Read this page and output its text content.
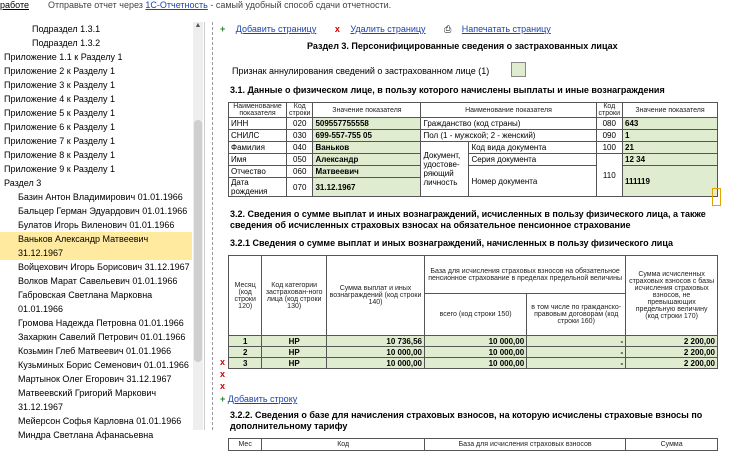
работе Отправьте отчет через 1С-Отчетность - самый удобный способ сдачи отчетности.
Подраздел 1.3.1
Подраздел 1.3.2
Приложение 1.1 к Разделу 1
Приложение 2 к Разделу 1
Приложение 3 к Разделу 1
Приложение 4 к Разделу 1
Приложение 5 к Разделу 1
Приложение 6 к Разделу 1
Приложение 7 к Разделу 1
Приложение 8 к Разделу 1
Приложение 9 к Разделу 1
Раздел 3
Базин Антон Владимирович 01.01.1966
Бальцер Герман Эдуардович 01.01.1966
Булатов Игорь Виленович 01.01.1966
Ваньков Александр Матвеевич
31.12.1967
Войцехович Игорь Борисович 31.12.1967
Волков Марат Савельевич 01.01.1966
Габровская Светлана Марковна
01.01.1966
Громова Надежда Петровна 01.01.1966
Захаркин Савелий Петрович 01.01.1966
Козьмин Глеб Матвеевич 01.01.1966
Кузьминых Борис Семенович 01.01.1966
Мартынок Олег Егорович 31.12.1967
Матвеевский Григорий Маркович
31.12.1967
Мейерсон Софья Карловна 01.01.1966
Миндра Светлана Афанасьевна
▲ + Добавить страницу x Удалить страницу ⎙ Напечатать страницу
Раздел 3. Персонифицированные сведения о застрахованных лицах
Признак аннулирования сведений о застрахованном лице (1)
3.1. Данные о физическом лице, в пользу которого начислены выплаты и иные вознаграждения
Наименование показателя	Код строки	Значение показателя	Наименование показателя		Код строки	Значение показателя
ИНН	020	509557755558	Гражданство (код страны)		080	643
СНИЛС	030	699-557-755 05	Пол (1 - мужской; 2 - женский)		090	1
Фамилия	040	Ваньков	Документ, удостове-ряющий личность	Код вида документа	100	21
Имя	050	Александр		Серия документа	110	12 34
Отчество	060	Матвеевич		Номер документа		111119
Дата рождения	070	31.12.1967				
3.2. Сведения о сумме выплат и иных вознаграждений, исчисленных в пользу физического лица, а также сведения об исчисленных страховых взносах на обязательное пенсионное страхование
3.2.1 Сведения о сумме выплат и иных вознаграждений, начисленных в пользу физического лица
Месяц (код строки 120)	Код категории застрахован-ного лица (код строки 130)	Сумма выплат и иных вознаграждений (код строки 140)	База для исчисления страховых взносов на обязательное пенсионное страхование в пределах предельной величины		Сумма исчисленных страховых взносов с базы исчисления страховых взносов, не превышающих предельную величину (код строки 170)
			всего (код строки 150)	в том числе по гражданско-правовым договорам (код строки 160)	
1	НР	10 736,56	10 000,00	-	2 200,00
2	НР	10 000,00	10 000,00	-	2 200,00
3	НР	10 000,00	10 000,00	-	2 200,00
x
x
x
+ Добавить строку
3.2.2. Сведения о базе для начисления страховых взносов, на которую исчислены страховые взносы по дополнительному тарифу
Мес	Код	База для исчисления страховых взносов	Сумма
